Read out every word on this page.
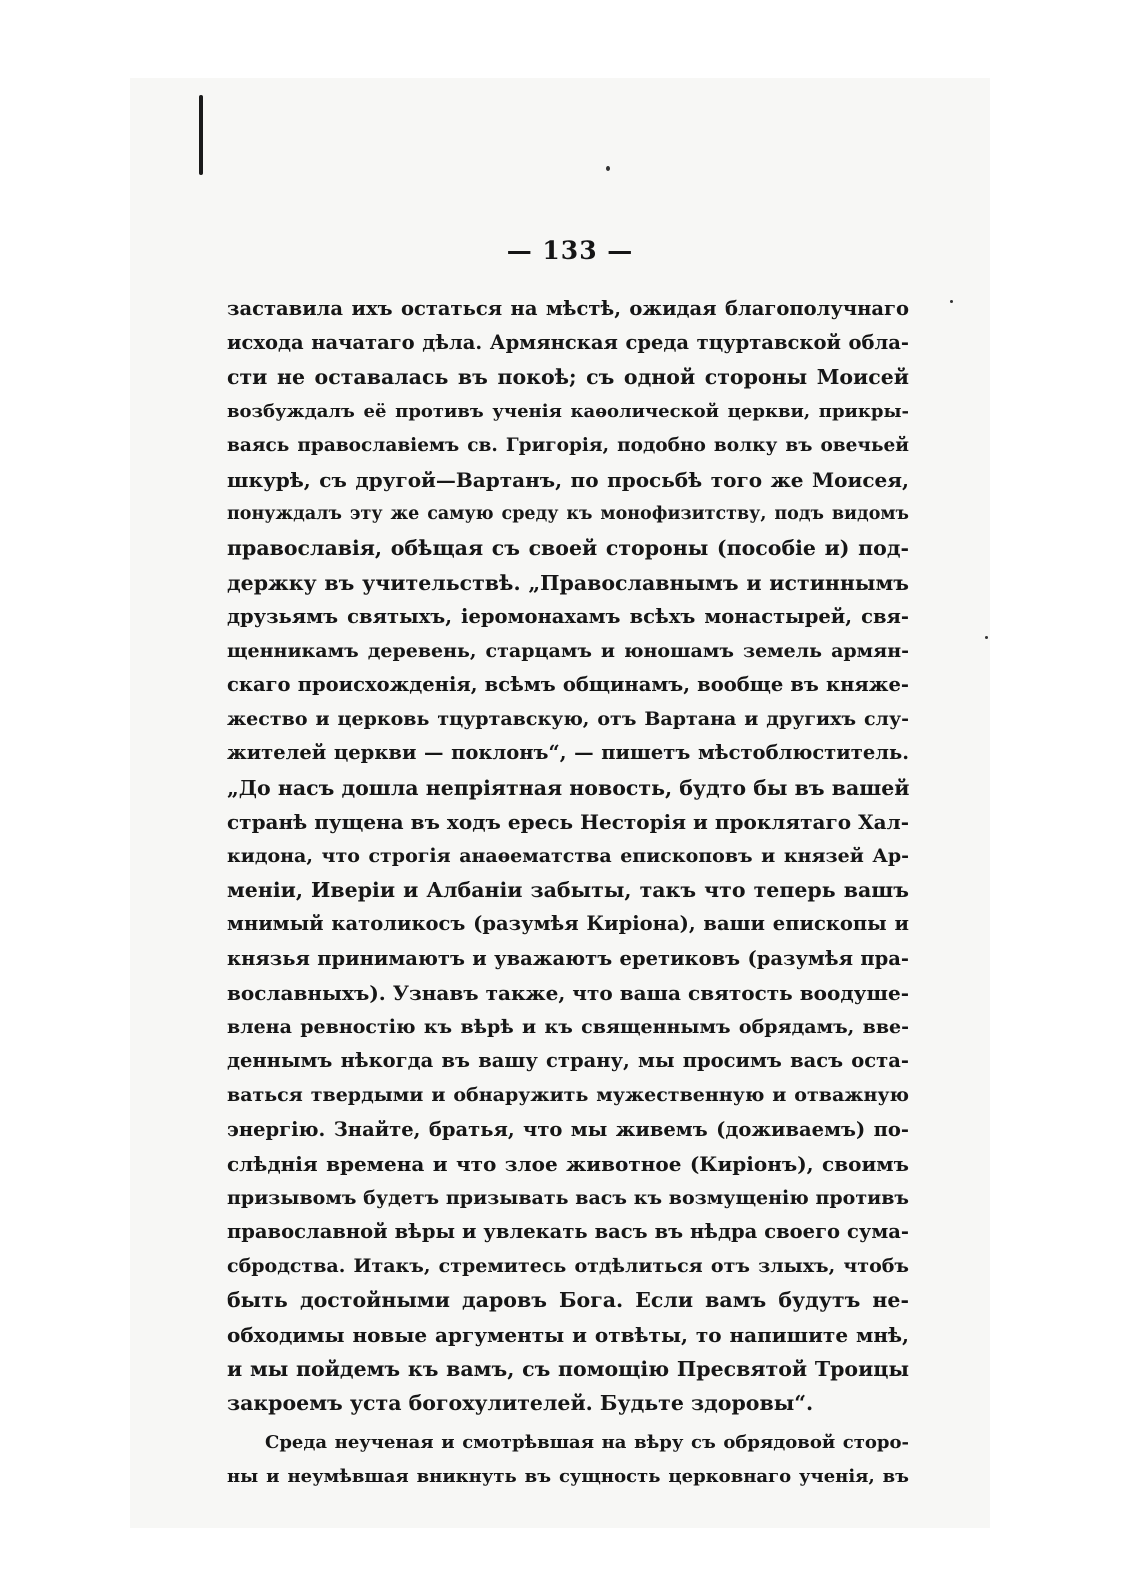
— 133 —
заставила ихъ остаться на мѣстѣ, ожидая благополучнаго
исхода начатаго дѣла. Армянская среда тцуртавской обла-
сти не оставалась въ покоѣ; съ одной стороны Моисей
возбуждалъ её противъ ученія каѳолической церкви, прикры-
ваясь православіемъ св. Григорія, подобно волку въ овечьей
шкурѣ, съ другой—Вартанъ, по просьбѣ того же Моисея,
понуждалъ эту же самую среду къ монофизитству, подъ видомъ
православія, обѣщая съ своей стороны (пособіе и) под-
держку въ учительствѣ. „Православнымъ и истиннымъ
друзьямъ святыхъ, іеромонахамъ всѣхъ монастырей, свя-
щенникамъ деревень, старцамъ и юношамъ земель армян-
скаго происхожденія, всѣмъ общинамъ, вообще въ княже-
жество и церковь тцуртавскую, отъ Вартана и другихъ слу-
жителей церкви — поклонъ“, — пишетъ мѣстоблюститель.
„До насъ дошла непріятная новость, будто бы въ вашей
странѣ пущена въ ходъ ересь Несторія и проклятаго Хал-
кидона, что строгія анаѳематства епископовъ и князей Ар-
меніи, Иверіи и Албаніи забыты, такъ что теперь вашъ
мнимый католикосъ (разумѣя Киріона), ваши епископы и
князья принимаютъ и уважаютъ еретиковъ (разумѣя пра-
вославныхъ). Узнавъ также, что ваша святость воодуше-
влена ревностію къ вѣрѣ и къ священнымъ обрядамъ, вве-
деннымъ нѣкогда въ вашу страну, мы просимъ васъ оста-
ваться твердыми и обнаружить мужественную и отважную
энергію. Знайте, братья, что мы живемъ (доживаемъ) по-
слѣднія времена и что злое животное (Киріонъ), своимъ
призывомъ будетъ призывать васъ къ возмущенію противъ
православной вѣры и увлекать васъ въ нѣдра своего сума-
сбродства. Итакъ, стремитесь отдѣлиться отъ злыхъ, чтобъ
быть достойными даровъ Бога. Если вамъ будутъ не-
обходимы новые аргументы и отвѣты, то напишите мнѣ,
и мы пойдемъ къ вамъ, съ помощію Пресвятой Троицы
закроемъ уста богохулителей. Будьте здоровы“.
Среда неученая и смотрѣвшая на вѣру съ обрядовой сторо-
ны и неумѣвшая вникнуть въ сущность церковнаго ученія, въ
